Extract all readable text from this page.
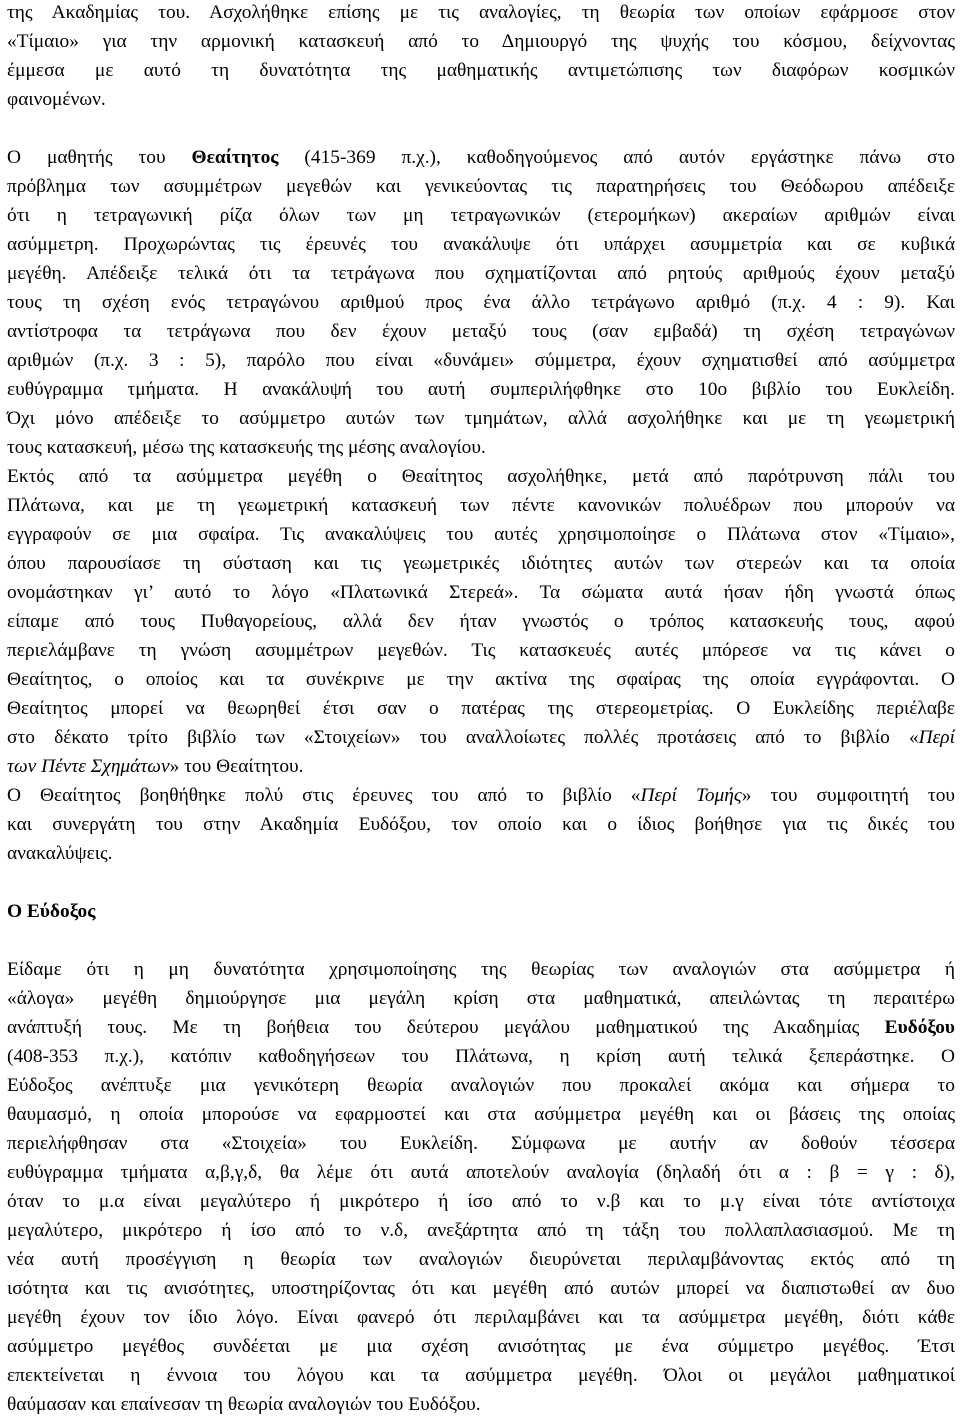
της Ακαδημίας του. Ασχολήθηκε επίσης με τις αναλογίες, τη θεωρία των οποίων εφάρμοσε στον
«Τίμαιο» για την αρμονική κατασκευή από το Δημιουργό της ψυχής του κόσμου, δείχνοντας
έμμεσα με αυτό τη δυνατότητα της μαθηματικής αντιμετώπισης των διαφόρων κοσμικών
φαινομένων.
Ο μαθητής του Θεαίτητος (415-369 π.χ.), καθοδηγούμενος από αυτόν εργάστηκε πάνω στο
πρόβλημα των ασυμμέτρων μεγεθών και γενικεύοντας τις παρατηρήσεις του Θεόδωρου απέδειξε
ότι η τετραγωνική ρίζα όλων των μη τετραγωνικών (ετερομήκων) ακεραίων αριθμών είναι
ασύμμετρη. Προχωρώντας τις έρευνές του ανακάλυψε ότι υπάρχει ασυμμετρία και σε κυβικά
μεγέθη. Απέδειξε τελικά ότι τα τετράγωνα που σχηματίζονται από ρητούς αριθμούς έχουν μεταξύ
τους τη σχέση ενός τετραγώνου αριθμού προς ένα άλλο τετράγωνο αριθμό (π.χ. 4 : 9). Και
αντίστροφα τα τετράγωνα που δεν έχουν μεταξύ τους (σαν εμβαδά) τη σχέση τετραγώνων
αριθμών (π.χ. 3 : 5), παρόλο που είναι «δυνάμει» σύμμετρα, έχουν σχηματισθεί από ασύμμετρα
ευθύγραμμα τμήματα. Η ανακάλυψή του αυτή συμπεριλήφθηκε στο 10ο βιβλίο του Ευκλείδη.
Όχι μόνο απέδειξε το ασύμμετρο αυτών των τμημάτων, αλλά ασχολήθηκε και με τη γεωμετρική
τους κατασκευή, μέσω της κατασκευής της μέσης αναλογίου.
Εκτός από τα ασύμμετρα μεγέθη ο Θεαίτητος ασχολήθηκε, μετά από παρότρυνση πάλι του
Πλάτωνα, και με τη γεωμετρική κατασκευή των πέντε κανονικών πολυέδρων που μπορούν να
εγγραφούν σε μια σφαίρα. Τις ανακαλύψεις του αυτές χρησιμοποίησε ο Πλάτωνα στον «Τίμαιο»,
όπου παρουσίασε τη σύσταση και τις γεωμετρικές ιδιότητες αυτών των στερεών και τα οποία
ονομάστηκαν γι’ αυτό το λόγο «Πλατωνικά Στερεά». Τα σώματα αυτά ήσαν ήδη γνωστά όπως
είπαμε από τους Πυθαγορείους, αλλά δεν ήταν γνωστός ο τρόπος κατασκευής τους, αφού
περιελάμβανε τη γνώση ασυμμέτρων μεγεθών. Τις κατασκευές αυτές μπόρεσε να τις κάνει ο
Θεαίτητος, ο οποίος και τα συνέκρινε με την ακτίνα της σφαίρας της οποία εγγράφονται. Ο
Θεαίτητος μπορεί να θεωρηθεί έτσι σαν ο πατέρας της στερεομετρίας. Ο Ευκλείδης περιέλαβε
στο δέκατο τρίτο βιβλίο των «Στοιχείων» του αναλλοίωτες πολλές προτάσεις από το βιβλίο «Περί
των Πέντε Σχημάτων» του Θεαίτητου.
Ο Θεαίτητος βοηθήθηκε πολύ στις έρευνες του από το βιβλίο «Περί Τομής» του συμφοιτητή του
και συνεργάτη του στην Ακαδημία Ευδόξου, τον οποίο και ο ίδιος βοήθησε για τις δικές του
ανακαλύψεις.
Ο Εύδοξος
Είδαμε ότι η μη δυνατότητα χρησιμοποίησης της θεωρίας των αναλογιών στα ασύμμετρα ή
«άλογα» μεγέθη δημιούργησε μια μεγάλη κρίση στα μαθηματικά, απειλώντας τη περαιτέρω
ανάπτυξή τους. Με τη βοήθεια του δεύτερου μεγάλου μαθηματικού της Ακαδημίας Ευδόξου
(408-353 π.χ.), κατόπιν καθοδηγήσεων του Πλάτωνα, η κρίση αυτή τελικά ξεπεράστηκε. Ο
Εύδοξος ανέπτυξε μια γενικότερη θεωρία αναλογιών που προκαλεί ακόμα και σήμερα το
θαυμασμό, η οποία μπορούσε να εφαρμοστεί και στα ασύμμετρα μεγέθη και οι βάσεις της οποίας
περιελήφθησαν στα «Στοιχεία» του Ευκλείδη. Σύμφωνα με αυτήν αν δοθούν τέσσερα
ευθύγραμμα τμήματα α,β,γ,δ, θα λέμε ότι αυτά αποτελούν αναλογία (δηλαδή ότι α : β = γ : δ),
όταν το μ.α είναι μεγαλύτερο ή μικρότερο ή ίσο από το ν.β και το μ.γ είναι τότε αντίστοιχα
μεγαλύτερο, μικρότερο ή ίσο από το ν.δ, ανεξάρτητα από τη τάξη του πολλαπλασιασμού. Με τη
νέα αυτή προσέγγιση η θεωρία των αναλογιών διευρύνεται περιλαμβάνοντας εκτός από τη
ισότητα και τις ανισότητες, υποστηρίζοντας ότι και μεγέθη από αυτών μπορεί να διαπιστωθεί αν δυο
μεγέθη έχουν τον ίδιο λόγο. Είναι φανερό ότι περιλαμβάνει και τα ασύμμετρα μεγέθη, διότι κάθε
ασύμμετρο μεγέθος συνδέεται με μια σχέση ανισότητας με ένα σύμμετρο μεγέθος. Έτσι
επεκτείνεται η έννοια του λόγου και τα ασύμμετρα μεγέθη. Όλοι οι μεγάλοι μαθηματικοί
θαύμασαν και επαίνεσαν τη θεωρία αναλογιών του Ευδόξου.
